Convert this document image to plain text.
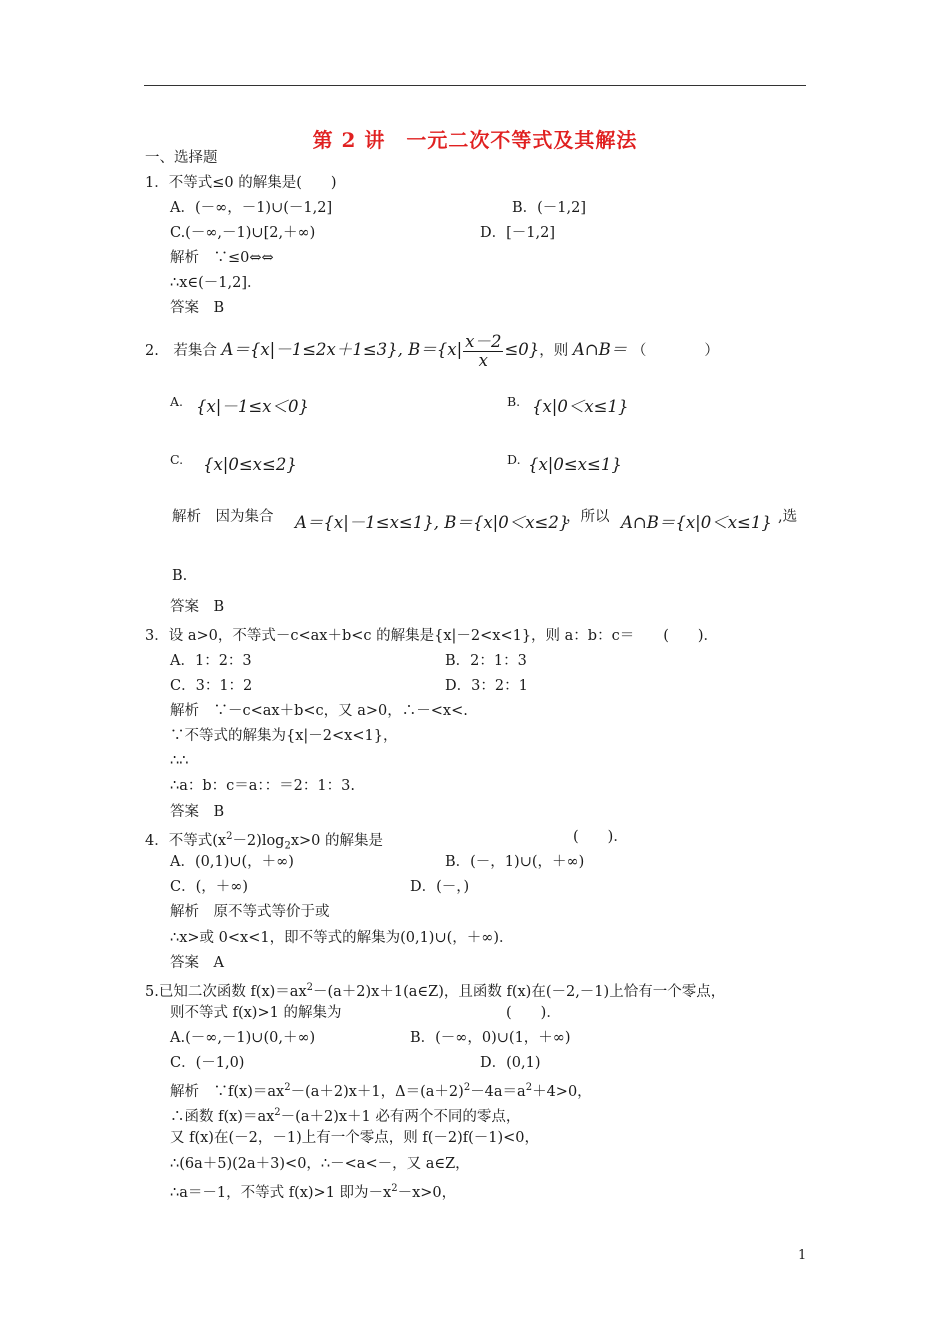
第 2 讲　一元二次不等式及其解法
一、选择题
1．不等式≤0 的解集是(　　)
A．(－∞，－1)∪(－1,2]	B．(－1,2]
C.(－∞,－1)∪[2,＋∞)	D．[－1,2]
解析　∵≤0⇔⇔
∴x∈(－1,2]．
答案　B
2.　若集合 A＝{x|－1≤2x＋1≤3}, $B=\{x| \frac{x-2}{x} \le 0\}$，则 A∩B＝ （　　　　）
A. {x|－1≤x＜0}	B. {x|0＜x≤1}
C. {x|0≤x≤2}	D. {x|0≤x≤1}
解析　因为集合 A＝{x|－1≤x≤1}, B＝{x|0＜x≤2}
，所以 A∩B＝{x|0＜x≤1} ,选
B.
答案　B
3．设 a>0，不等式－c<ax＋b<c 的解集是{x|－2<x<1}，则 a：b：c＝　　(　　)．
A．1：2：3	B．2：1：3
C．3：1：2	D．3：2：1
解析　∵－c<ax＋b<c，又 a>0，∴－<x<.
∵不等式的解集为{x|－2<x<1}，
∴∴
∴a：b：c＝a：：＝2：1：3.
答案　B
4．不等式$(x^2-2)\log_2x>0$ 的解集是	(　　)．
A．(0,1)∪(，＋∞)	B．(－，1)∪(，＋∞)
C．(，＋∞)	D．(－，)
解析　原不等式等价于或
∴x>或 0<x<1，即不等式的解集为(0,1)∪(，＋∞)．
答案　A
5.已知二次函数 $f(x)=ax^2-(a+2)x+1(a\in Z)$，且函数 f(x)在(－2,－1)上恰有一个零点，
则不等式 f(x)>1 的解集为	(　　)．
A.(－∞,－1)∪(0,＋∞)	B．(－∞，0)∪(1，＋∞)
C．(－1,0)	D．(0,1)
解析　$\because f(x)=ax^2-(a+2)x+1$，$\Delta=(a+2)^2-4a=a^2+4>0$，
∴函数 $f(x)=ax^2-(a+2)x+1$ 必有两个不同的零点，
又 f(x)在(－2，－1)上有一个零点，则 f(－2)f(－1)<0，
∴(6a＋5)(2a＋3)<0，∴－<a<－，又 a∈Z，
∴a＝－1，不等式 f(x)>1 即为$-x^2-x>0$，
1
